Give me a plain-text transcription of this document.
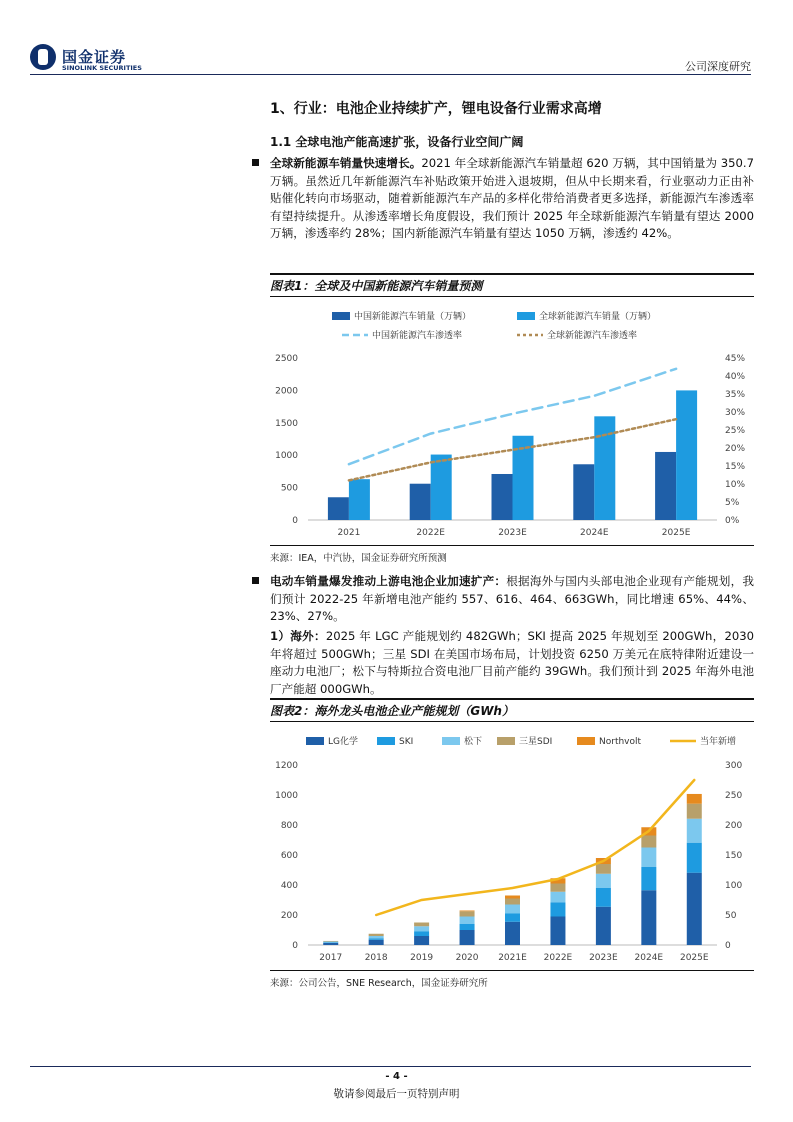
国金证券
SINOLINK SECURITIES	公司深度研究
1、行业：电池企业持续扩产，锂电设备行业需求高增
1.1 全球电池产能高速扩张，设备行业空间广阔
全球新能源车销量快速增长。2021 年全球新能源汽车销量超 620 万辆，其中国销量为 350.7 万辆。虽然近几年新能源汽车补贴政策开始进入退坡期，但从中长期来看，行业驱动力正由补贴催化转向市场驱动，随着新能源汽车产品的多样化带给消费者更多选择，新能源汽车渗透率有望持续提升。从渗透率增长角度假设，我们预计 2025 年全球新能源汽车销量有望达 2000 万辆，渗透率约 28%；国内新能源汽车销量有望达 1050 万辆，渗透约 42%。
图表1：全球及中国新能源汽车销量预测
中国新能源汽车销量（万辆）	全球新能源汽车销量（万辆）
中国新能源汽车渗透率	全球新能源汽车渗透率
0
500
1000
1500
2000
2500
0%
5%
10%
15%
20%
25%
30%
35%
40%
45%
2021	2022E	2023E	2024E	2025E
来源：IEA，中汽协，国金证券研究所预测
电动车销量爆发推动上游电池企业加速扩产：根据海外与国内头部电池企业现有产能规划，我们预计 2022-25 年新增电池产能约 557、616、464、663GWh，同比增速 65%、44%、23%、27%。
1）海外：2025 年 LGC 产能规划约 482GWh；SKI 提高 2025 年规划至 200GWh，2030 年将超过 500GWh；三星 SDI 在美国市场布局，计划投资 6250 万美元在底特律附近建设一座动力电池厂；松下与特斯拉合资电池厂目前产能约 39GWh。我们预计到 2025 年海外电池厂产能超 000GWh。
图表2：海外龙头电池企业产能规划（GWh）
LG化学	SKI	松下	三星SDI	Northvolt	当年新增
0
200
400
600
800
1000
1200
0
50
100
150
200
250
300
2017	2018	2019	2020 2021E 2022E 2023E 2024E 2025E
来源：公司公告，SNE Research，国金证券研究所
- 4 -
敬请参阅最后一页特别声明
